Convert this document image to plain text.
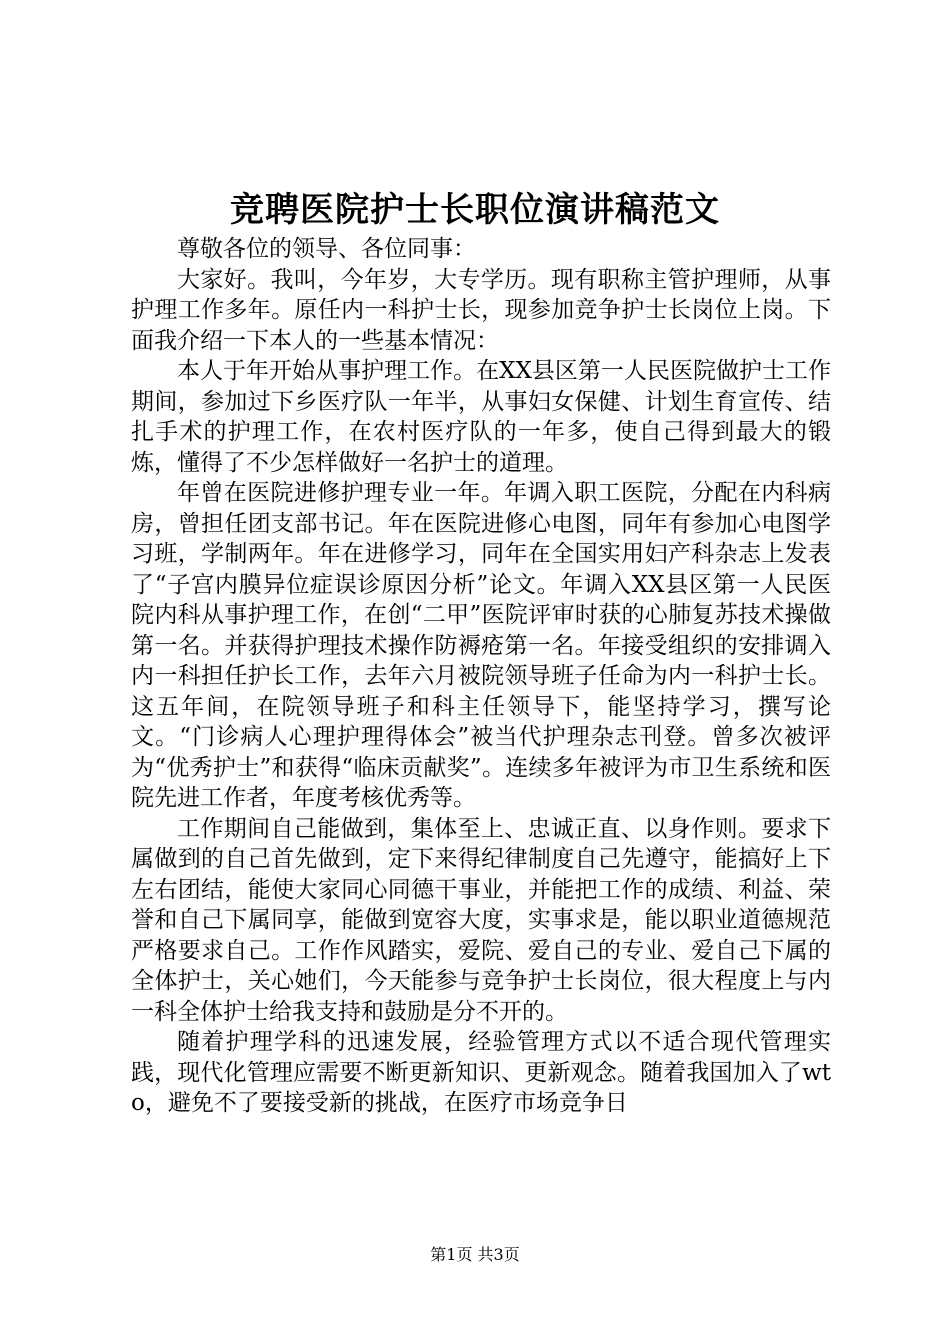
竞聘医院护士长职位演讲稿范文

尊敬各位的领导、各位同事：

大家好。我叫，今年岁，大专学历。现有职称主管护理师，从事护理工作多年。原任内一科护士长，现参加竞争护士长岗位上岗。下面我介绍一下本人的一些基本情况：

本人于年开始从事护理工作。在XX县区第一人民医院做护士工作期间，参加过下乡医疗队一年半，从事妇女保健、计划生育宣传、结扎手术的护理工作，在农村医疗队的一年多，使自己得到最大的锻炼，懂得了不少怎样做好一名护士的道理。

年曾在医院进修护理专业一年。年调入职工医院，分配在内科病房，曾担任团支部书记。年在医院进修心电图，同年有参加心电图学习班，学制两年。年在进修学习，同年在全国实用妇产科杂志上发表了“子宫内膜异位症误诊原因分析”论文。年调入XX县区第一人民医院内科从事护理工作，在创“二甲”医院评审时获的心肺复苏技术操做第一名。并获得护理技术操作防褥疮第一名。年接受组织的安排调入内一科担任护长工作，去年六月被院领导班子任命为内一科护士长。这五年间，在院领导班子和科主任领导下，能坚持学习，撰写论文。“门诊病人心理护理得体会”被当代护理杂志刊登。曾多次被评为“优秀护士”和获得“临床贡献奖”。连续多年被评为市卫生系统和医院先进工作者，年度考核优秀等。

工作期间自己能做到，集体至上、忠诚正直、以身作则。要求下属做到的自己首先做到，定下来得纪律制度自己先遵守，能搞好上下左右团结，能使大家同心同德干事业，并能把工作的成绩、利益、荣誉和自己下属同享，能做到宽容大度，实事求是，能以职业道德规范严格要求自己。工作作风踏实，爱院、爱自己的专业、爱自己下属的全体护士，关心她们，今天能参与竞争护士长岗位，很大程度上与内一科全体护士给我支持和鼓励是分不开的。

随着护理学科的迅速发展，经验管理方式以不适合现代管理实践，现代化管理应需要不断更新知识、更新观念。随着我国加入了wto，避免不了要接受新的挑战，在医疗市场竞争日

第1页 共3页
